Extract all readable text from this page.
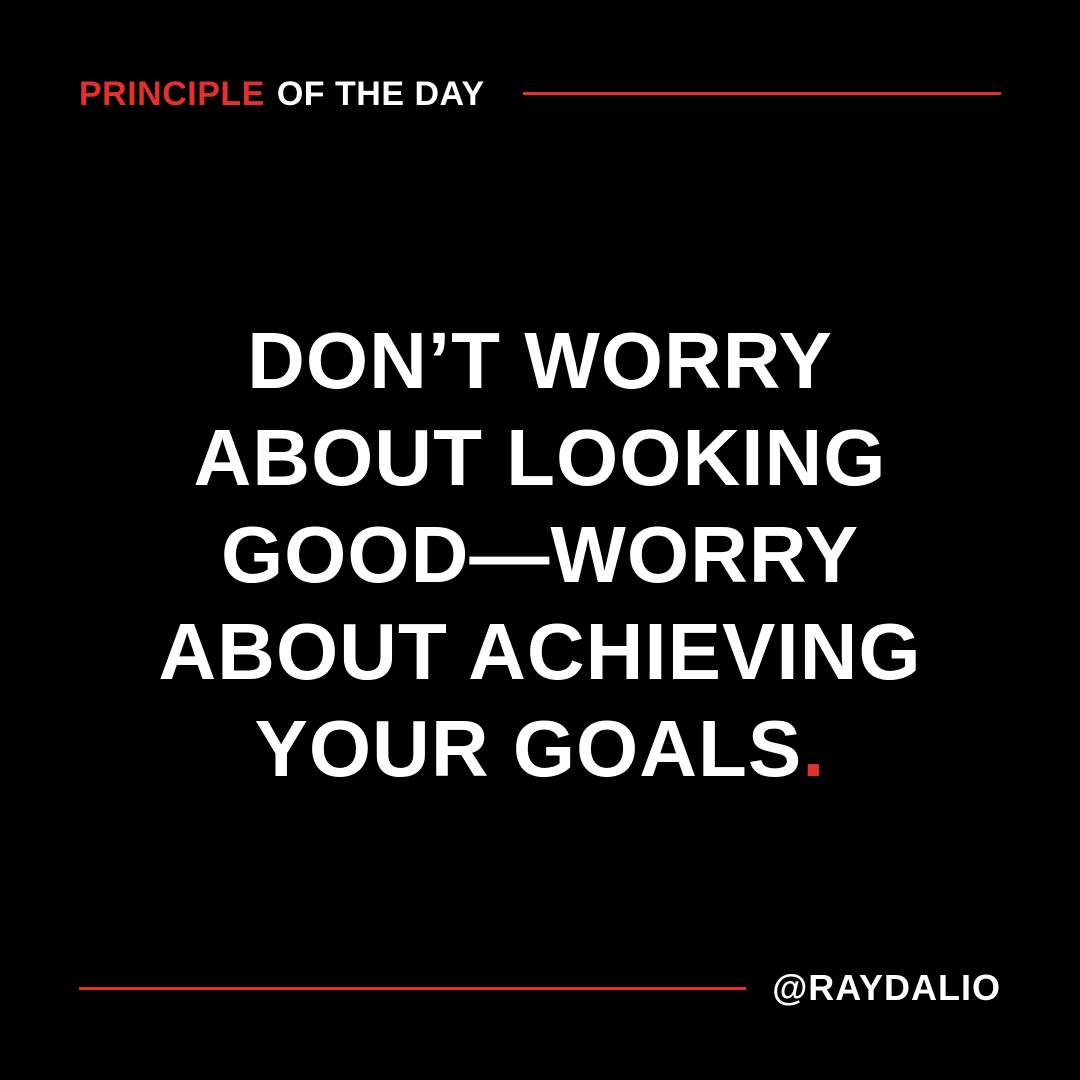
PRINCIPLE OF THE DAY
DON’T WORRY
ABOUT LOOKING
GOOD—WORRY
ABOUT ACHIEVING
YOUR GOALS.
@RAYDALIO
